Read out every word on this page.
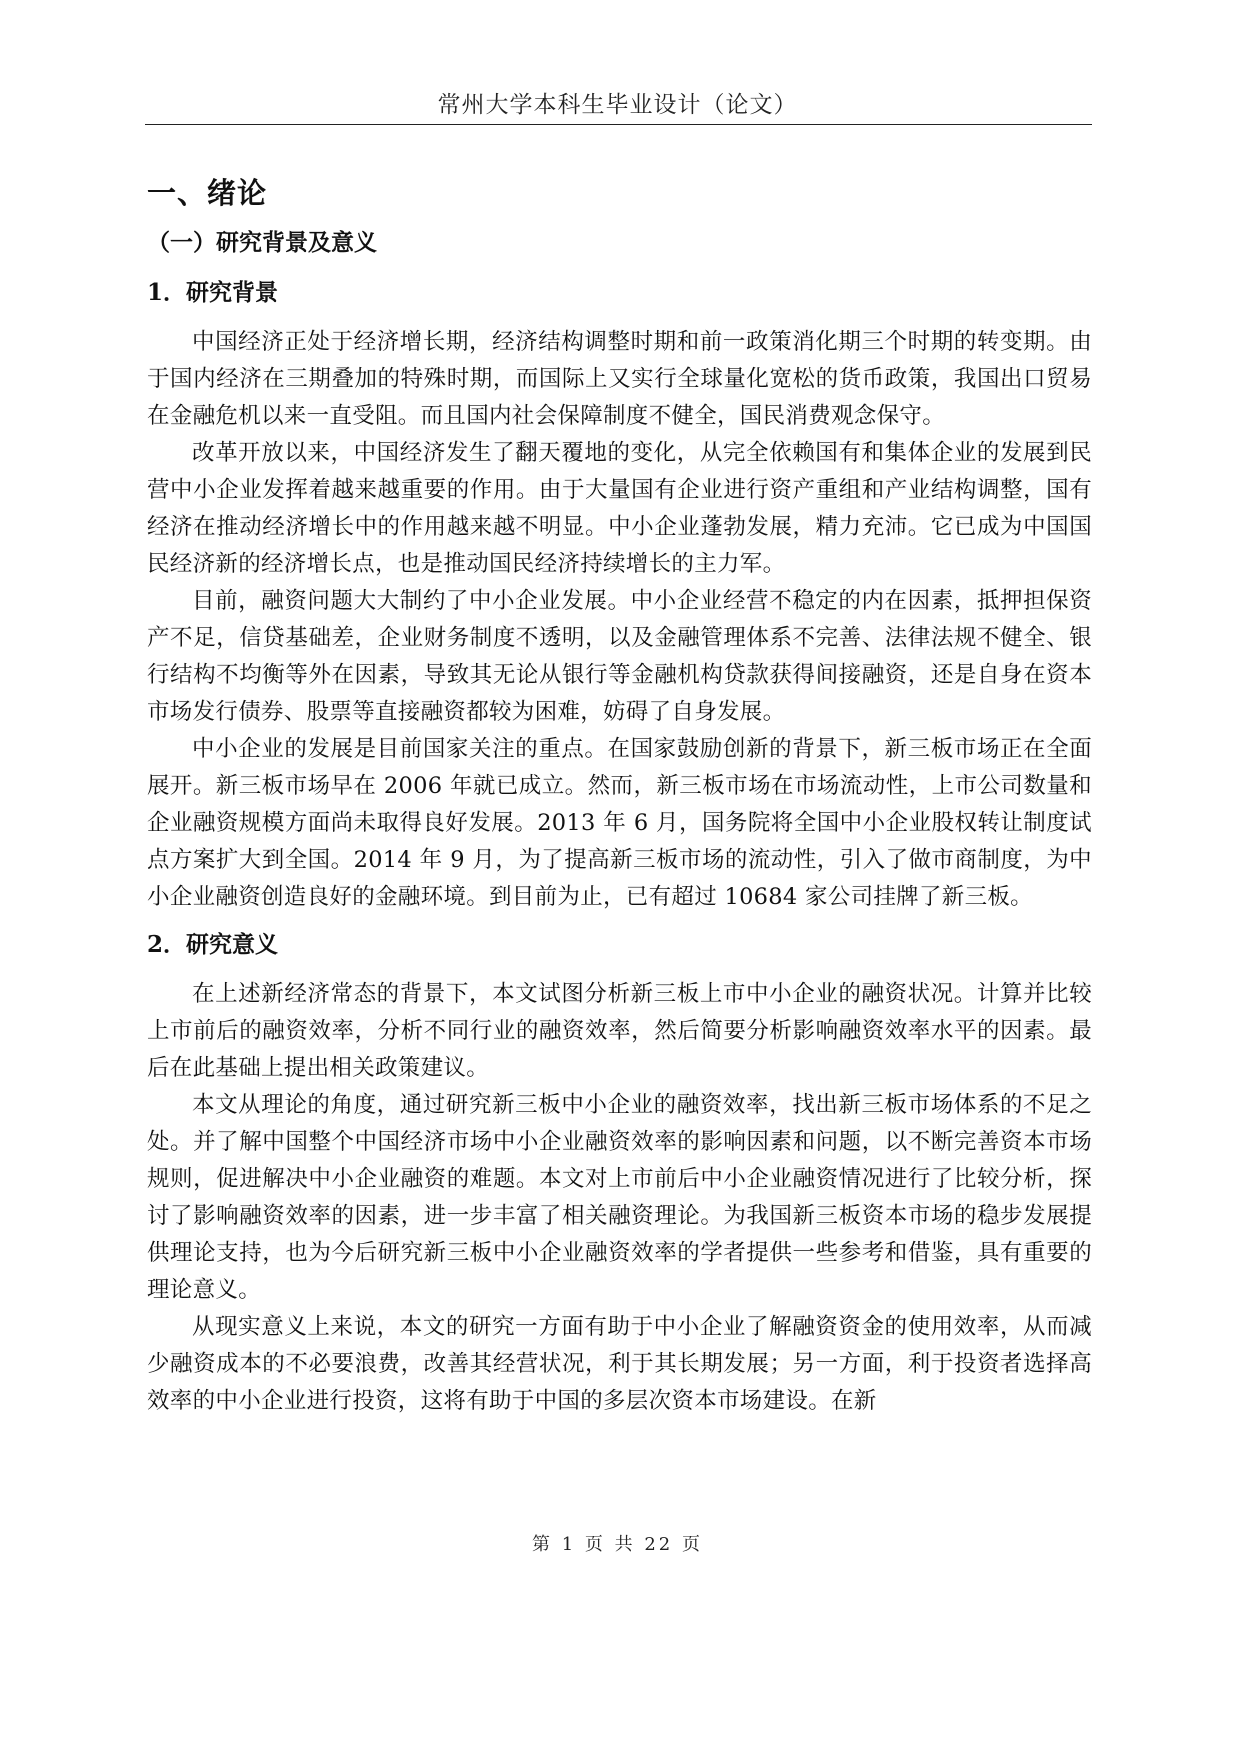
常州大学本科生毕业设计（论文）
一、绪论
（一）研究背景及意义
1．研究背景

中国经济正处于经济增长期，经济结构调整时期和前一政策消化期三个时期的转变期。由于国内经济在三期叠加的特殊时期，而国际上又实行全球量化宽松的货币政策，我国出口贸易在金融危机以来一直受阻。而且国内社会保障制度不健全，国民消费观念保守。

改革开放以来，中国经济发生了翻天覆地的变化，从完全依赖国有和集体企业的发展到民营中小企业发挥着越来越重要的作用。由于大量国有企业进行资产重组和产业结构调整，国有经济在推动经济增长中的作用越来越不明显。中小企业蓬勃发展，精力充沛。它已成为中国国民经济新的经济增长点，也是推动国民经济持续增长的主力军。

目前，融资问题大大制约了中小企业发展。中小企业经营不稳定的内在因素，抵押担保资产不足，信贷基础差，企业财务制度不透明，以及金融管理体系不完善、法律法规不健全、银行结构不均衡等外在因素，导致其无论从银行等金融机构贷款获得间接融资，还是自身在资本市场发行债券、股票等直接融资都较为困难，妨碍了自身发展。

中小企业的发展是目前国家关注的重点。在国家鼓励创新的背景下，新三板市场正在全面展开。新三板市场早在 2006 年就已成立。然而，新三板市场在市场流动性，上市公司数量和企业融资规模方面尚未取得良好发展。2013 年 6 月，国务院将全国中小企业股权转让制度试点方案扩大到全国。2014 年 9 月，为了提高新三板市场的流动性，引入了做市商制度，为中小企业融资创造良好的金融环境。到目前为止，已有超过 10684 家公司挂牌了新三板。

2．研究意义

在上述新经济常态的背景下，本文试图分析新三板上市中小企业的融资状况。计算并比较上市前后的融资效率，分析不同行业的融资效率，然后简要分析影响融资效率水平的因素。最后在此基础上提出相关政策建议。

本文从理论的角度，通过研究新三板中小企业的融资效率，找出新三板市场体系的不足之处。并了解中国整个中国经济市场中小企业融资效率的影响因素和问题，以不断完善资本市场规则，促进解决中小企业融资的难题。本文对上市前后中小企业融资情况进行了比较分析，探讨了影响融资效率的因素，进一步丰富了相关融资理论。为我国新三板资本市场的稳步发展提供理论支持，也为今后研究新三板中小企业融资效率的学者提供一些参考和借鉴，具有重要的理论意义。

从现实意义上来说，本文的研究一方面有助于中小企业了解融资资金的使用效率，从而减少融资成本的不必要浪费，改善其经营状况，利于其长期发展；另一方面，利于投资者选择高效率的中小企业进行投资，这将有助于中国的多层次资本市场建设。在新

第 1 页 共 22 页
